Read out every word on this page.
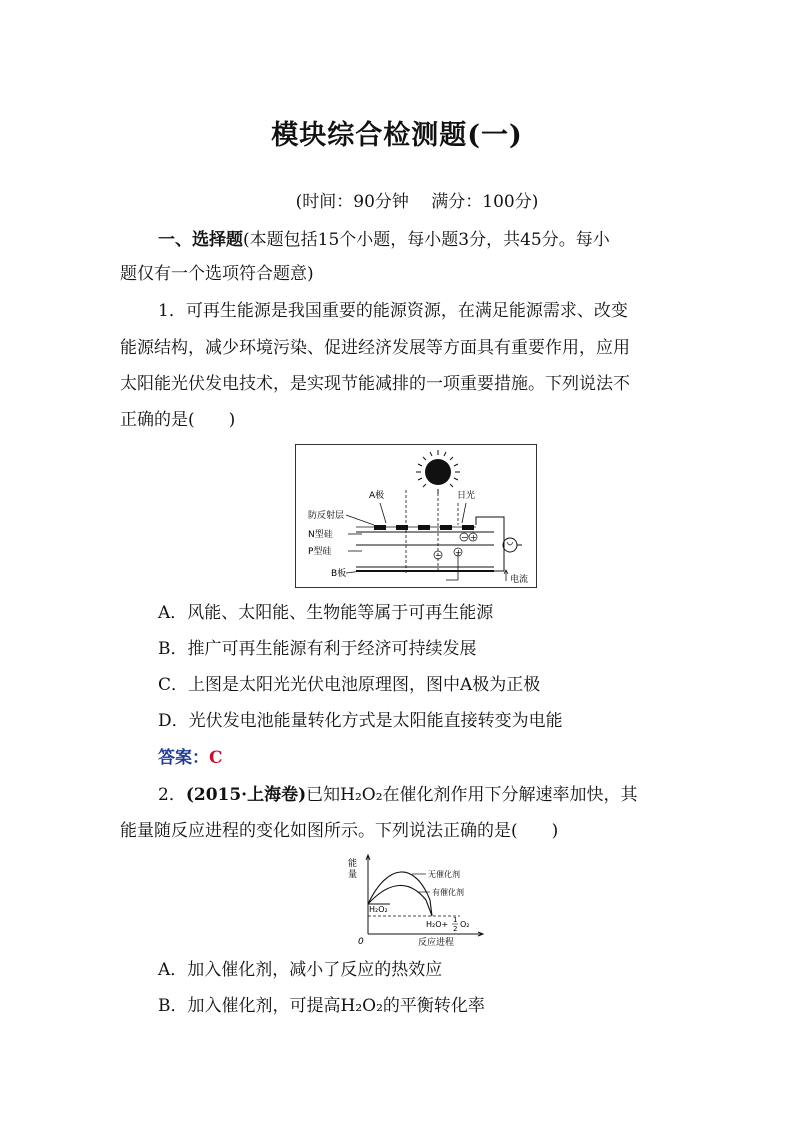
模块综合检测题(一)
(时间：90分钟　 满分：100分)
一、选择题(本题包括15个小题，每小题3分，共45分。每小
题仅有一个选项符合题意)
1．可再生能源是我国重要的能源资源，在满足能源需求、改变
能源结构，减少环境污染、促进经济发展等方面具有重要作用，应用
太阳能光伏发电技术，是实现节能减排的一项重要措施。下列说法不
正确的是(　　)
A极	日光
防反射层
N型硅
P型硅
B板
电流
− +
− +
A．风能、太阳能、生物能等属于可再生能源
B．推广可再生能源有利于经济可持续发展
C．上图是太阳光光伏电池原理图，图中A极为正极
D．光伏发电池能量转化方式是太阳能直接转变为电能
答案：C
2．(2015·上海卷)已知H₂O₂在催化剂作用下分解速率加快，其
能量随反应进程的变化如图所示。下列说法正确的是(　　)
能
量
0	反应进程
无催化剂
有催化剂
H₂O₂
H₂O+ 1
2 O₂
A．加入催化剂，减小了反应的热效应
B．加入催化剂，可提高H₂O₂的平衡转化率
